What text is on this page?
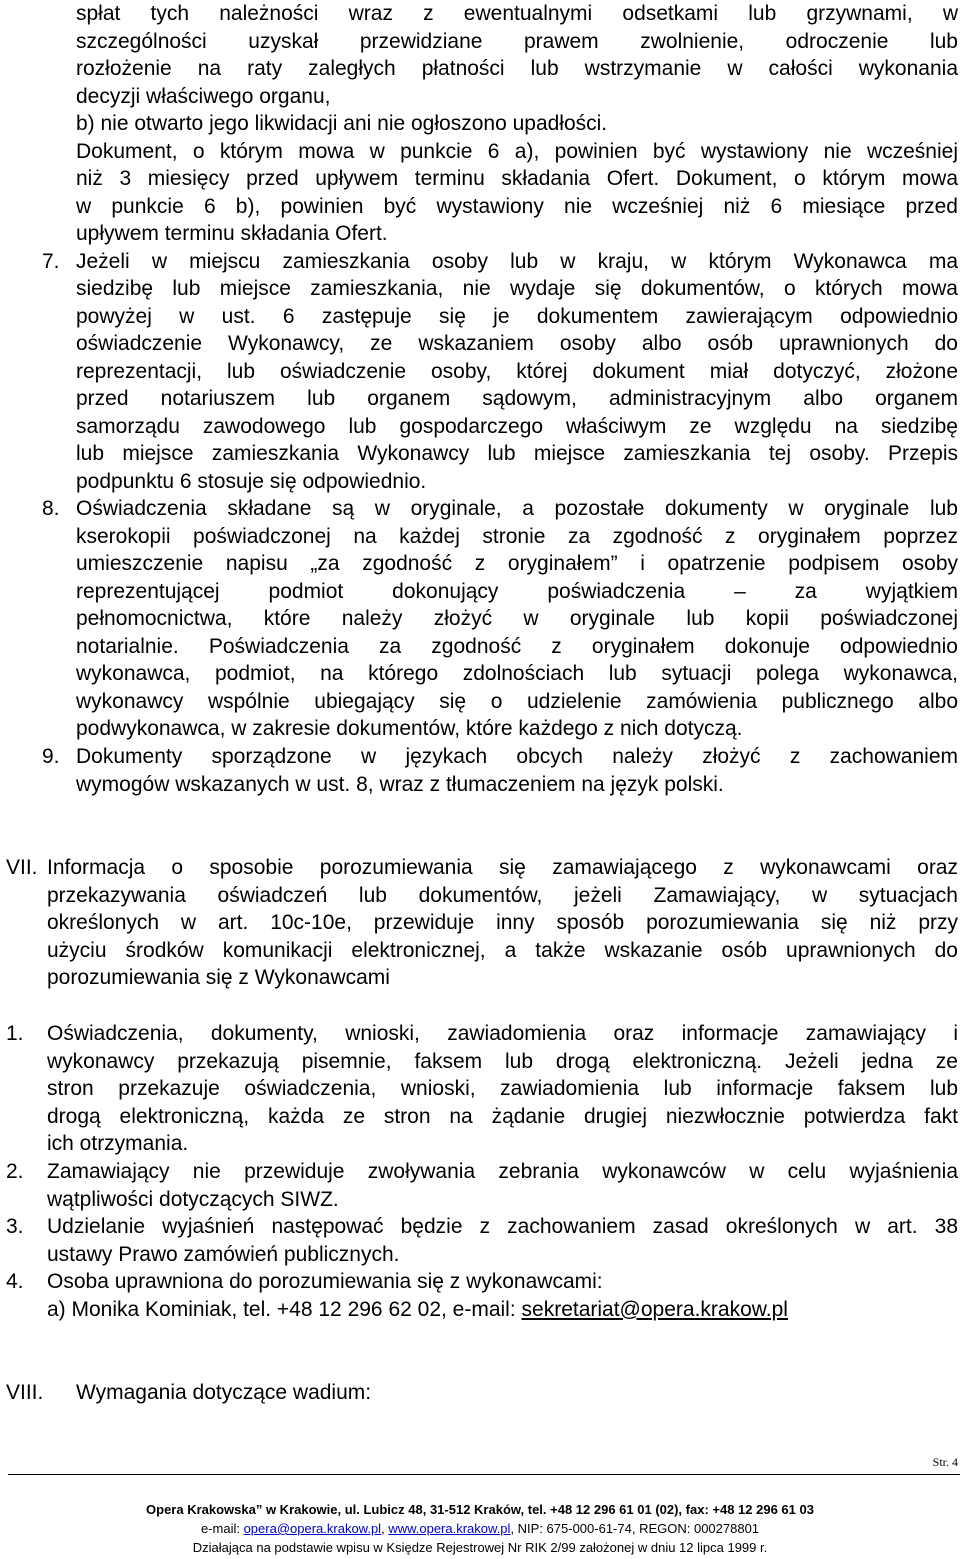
spłat tych należności wraz z ewentualnymi odsetkami lub grzywnami, w
szczególności uzyskał przewidziane prawem zwolnienie, odroczenie lub
rozłożenie na raty zaległych płatności lub wstrzymanie w całości wykonania
decyzji właściwego organu,
b) nie otwarto jego likwidacji ani nie ogłoszono upadłości.
Dokument, o którym mowa w punkcie 6 a), powinien być wystawiony nie wcześniej
niż 3 miesięcy przed upływem terminu składania Ofert. Dokument, o którym mowa
w punkcie 6 b), powinien być wystawiony nie wcześniej niż 6 miesiące przed
upływem terminu składania Ofert.
7. Jeżeli w miejscu zamieszkania osoby lub w kraju, w którym Wykonawca ma
siedzibę lub miejsce zamieszkania, nie wydaje się dokumentów, o których mowa
powyżej w ust. 6 zastępuje się je dokumentem zawierającym odpowiednio
oświadczenie Wykonawcy, ze wskazaniem osoby albo osób uprawnionych do
reprezentacji, lub oświadczenie osoby, której dokument miał dotyczyć, złożone
przed notariuszem lub organem sądowym, administracyjnym albo organem
samorządu zawodowego lub gospodarczego właściwym ze względu na siedzibę
lub miejsce zamieszkania Wykonawcy lub miejsce zamieszkania tej osoby. Przepis
podpunktu 6 stosuje się odpowiednio.
8. Oświadczenia składane są w oryginale, a pozostałe dokumenty w oryginale lub
kserokopii poświadczonej na każdej stronie za zgodność z oryginałem poprzez
umieszczenie napisu „za zgodność z oryginałem” i opatrzenie podpisem osoby
reprezentującej podmiot dokonujący poświadczenia – za wyjątkiem
pełnomocnictwa, które należy złożyć w oryginale lub kopii poświadczonej
notarialnie. Poświadczenia za zgodność z oryginałem dokonuje odpowiednio
wykonawca, podmiot, na którego zdolnościach lub sytuacji polega wykonawca,
wykonawcy wspólnie ubiegający się o udzielenie zamówienia publicznego albo
podwykonawca, w zakresie dokumentów, które każdego z nich dotyczą.
9. Dokumenty sporządzone w językach obcych należy złożyć z zachowaniem
wymogów wskazanych w ust. 8, wraz z tłumaczeniem na język polski.
VII. Informacja o sposobie porozumiewania się zamawiającego z wykonawcami oraz
przekazywania oświadczeń lub dokumentów, jeżeli Zamawiający, w sytuacjach
określonych w art. 10c-10e, przewiduje inny sposób porozumiewania się niż przy
użyciu środków komunikacji elektronicznej, a także wskazanie osób uprawnionych do
porozumiewania się z Wykonawcami
1. Oświadczenia, dokumenty, wnioski, zawiadomienia oraz informacje zamawiający i
wykonawcy przekazują pisemnie, faksem lub drogą elektroniczną. Jeżeli jedna ze
stron przekazuje oświadczenia, wnioski, zawiadomienia lub informacje faksem lub
drogą elektroniczną, każda ze stron na żądanie drugiej niezwłocznie potwierdza fakt
ich otrzymania.
2. Zamawiający nie przewiduje zwoływania zebrania wykonawców w celu wyjaśnienia
wątpliwości dotyczących SIWZ.
3. Udzielanie wyjaśnień następować będzie z zachowaniem zasad określonych w art. 38
ustawy Prawo zamówień publicznych.
4. Osoba uprawniona do porozumiewania się z wykonawcami:
a) Monika Kominiak, tel. +48 12 296 62 02, e-mail: sekretariat@opera.krakow.pl
VIII. Wymagania dotyczące wadium:
Str. 4
Opera Krakowska” w Krakowie, ul. Lubicz 48, 31-512 Kraków, tel. +48 12 296 61 01 (02), fax: +48 12 296 61 03
e-mail: opera@opera.krakow.pl, www.opera.krakow.pl, NIP: 675-000-61-74, REGON: 000278801
Działająca na podstawie wpisu w Księdze Rejestrowej Nr RIK 2/99 założonej w dniu 12 lipca 1999 r.
